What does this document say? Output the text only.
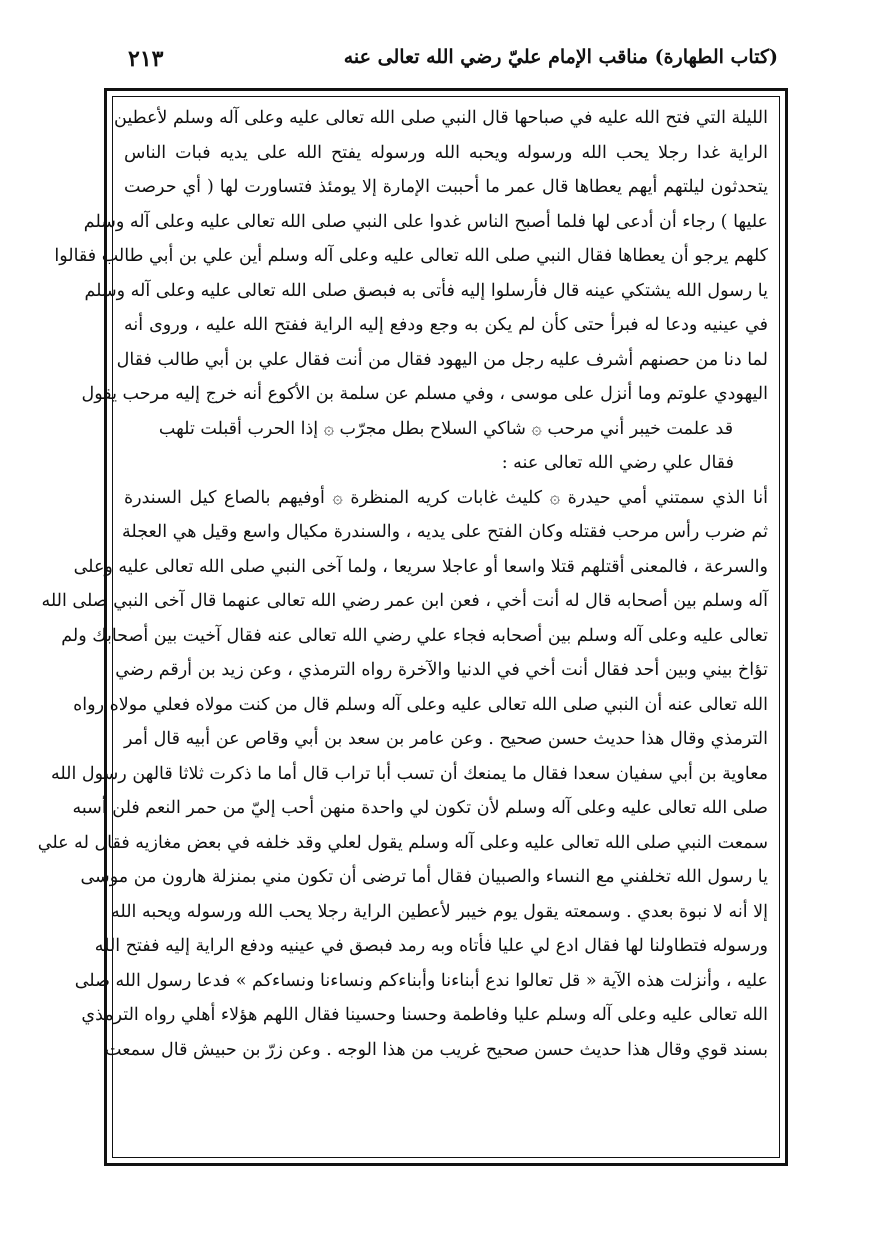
(كتاب الطهارة) مناقب الإمام عليّ رضي الله تعالى عنه
٢١٣
الليلة التي فتح الله عليه في صباحها قال النبي صلى الله تعالى عليه وعلى آله وسلم لأعطين
الراية غدا رجلا يحب الله ورسوله ويحبه الله ورسوله يفتح الله على يديه فبات الناس
يتحدثون ليلتهم أيهم يعطاها قال عمر ما أحببت الإمارة إلا يومئذ فتساورت لها ( أي حرصت
عليها ) رجاء أن أدعى لها فلما أصبح الناس غدوا على النبي صلى الله تعالى عليه وعلى آله وسلم
كلهم يرجو أن يعطاها فقال النبي صلى الله تعالى عليه وعلى آله وسلم أين علي بن أبي طالب فقالوا
يا رسول الله يشتكي عينه قال فأرسلوا إليه فأتى به فبصق صلى الله تعالى عليه وعلى آله وسلم
في عينيه ودعا له فبرأ حتى كأن لم يكن به وجع ودفع إليه الراية ففتح الله عليه ، وروى أنه
لما دنا من حصنهم أشرف عليه رجل من اليهود فقال من أنت فقال علي بن أبي طالب فقال
اليهودي علوتم وما أنزل على موسى ، وفي مسلم عن سلمة بن الأكوع أنه خرج إليه مرحب يقول
قد علمت خيبر أني مرحب ۞ شاكي السلاح بطل مجرّب ۞ إذا الحرب أقبلت تلهب
فقال علي رضي الله تعالى عنه :
أنا الذي سمتني أمي حيدرة ۞ كليث غابات كريه المنظرة ۞ أوفيهم بالصاع كيل السندرة
ثم ضرب رأس مرحب فقتله وكان الفتح على يديه ، والسندرة مكيال واسع وقيل هي العجلة
والسرعة ، فالمعنى أقتلهم قتلا واسعا أو عاجلا سريعا ، ولما آخى النبي صلى الله تعالى عليه وعلى
آله وسلم بين أصحابه قال له أنت أخي ، فعن ابن عمر رضي الله تعالى عنهما قال آخى النبي صلى الله
تعالى عليه وعلى آله وسلم بين أصحابه فجاء علي رضي الله تعالى عنه فقال آخيت بين أصحابك ولم
تؤاخ بيني وبين أحد فقال أنت أخي في الدنيا والآخرة رواه الترمذي ، وعن زيد بن أرقم رضي
الله تعالى عنه أن النبي صلى الله تعالى عليه وعلى آله وسلم قال من كنت مولاه فعلي مولاه رواه
الترمذي وقال هذا حديث حسن صحيح . وعن عامر بن سعد بن أبي وقاص عن أبيه قال أمر
معاوية بن أبي سفيان سعدا فقال ما يمنعك أن تسب أبا تراب قال أما ما ذكرت ثلاثا قالهن رسول الله
صلى الله تعالى عليه وعلى آله وسلم لأن تكون لي واحدة منهن أحب إليّ من حمر النعم فلن أسبه
سمعت النبي صلى الله تعالى عليه وعلى آله وسلم يقول لعلي وقد خلفه في بعض مغازيه فقال له علي
يا رسول الله تخلفني مع النساء والصبيان فقال أما ترضى أن تكون مني بمنزلة هارون من موسى
إلا أنه لا نبوة بعدي . وسمعته يقول يوم خيبر لأعطين الراية رجلا يحب الله ورسوله ويحبه الله
ورسوله فتطاولنا لها فقال ادع لي عليا فأتاه وبه رمد فبصق في عينيه ودفع الراية إليه ففتح الله
عليه ، وأنزلت هذه الآية « قل تعالوا ندع أبناءنا وأبناءكم ونساءنا ونساءكم » فدعا رسول الله صلى
الله تعالى عليه وعلى آله وسلم عليا وفاطمة وحسنا وحسينا فقال اللهم هؤلاء أهلي رواه الترمذي
بسند قوي وقال هذا حديث حسن صحيح غريب من هذا الوجه . وعن زرّ بن حبيش قال سمعت
